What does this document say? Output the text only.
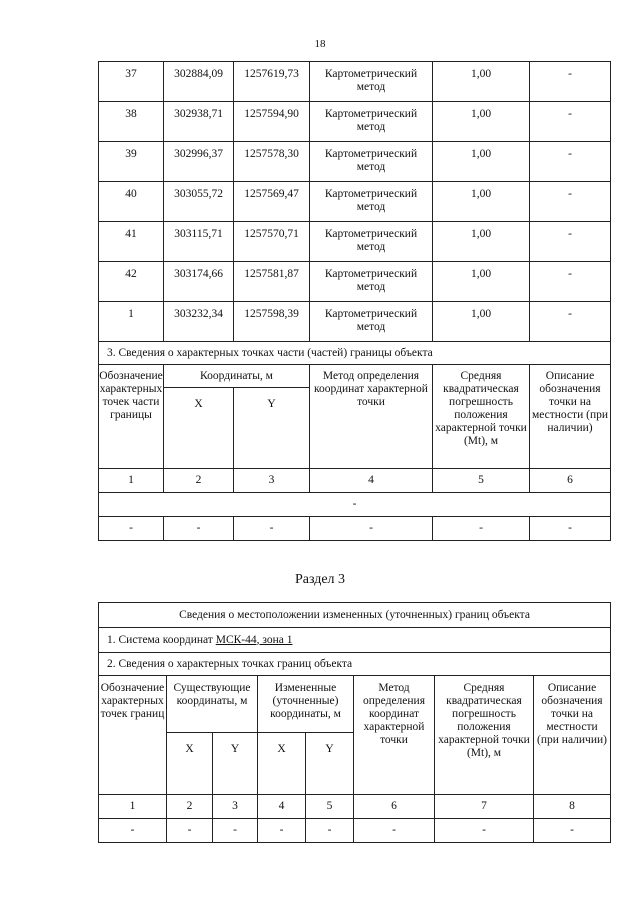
18
37	302884,09	1257619,73	Картометрический метод	1,00	-
38	302938,71	1257594,90	Картометрический метод	1,00	-
39	302996,37	1257578,30	Картометрический метод	1,00	-
40	303055,72	1257569,47	Картометрический метод	1,00	-
41	303115,71	1257570,71	Картометрический метод	1,00	-
42	303174,66	1257581,87	Картометрический метод	1,00	-
1	303232,34	1257598,39	Картометрический метод	1,00	-
3. Сведения о характерных точках части (частей) границы объекта					
Обозначение характерных точек части границы	Координаты, м		Метод определения координат характерной точки	Средняя квадратическая погрешность положения характерной точки (Mt), м	Описание обозначения точки на местности (при наличии)
	X	Y			
1	2	3	4	5	6
-					
-	-	-	-	-	-
Раздел 3
Сведения о местоположении измененных (уточненных) границ объекта							
1. Система координат МСК-44, зона 1							
2. Сведения о характерных точках границ объекта							
Обозначение характерных точек границ	Существующие координаты, м		Измененные (уточненные) координаты, м		Метод определения координат характерной точки	Средняя квадратическая погрешность положения характерной точки (Mt), м	Описание обозначения точки на местности (при наличии)
	X	Y	X	Y			
1	2	3	4	5	6	7	8
-	-	-	-	-	-	-	-
